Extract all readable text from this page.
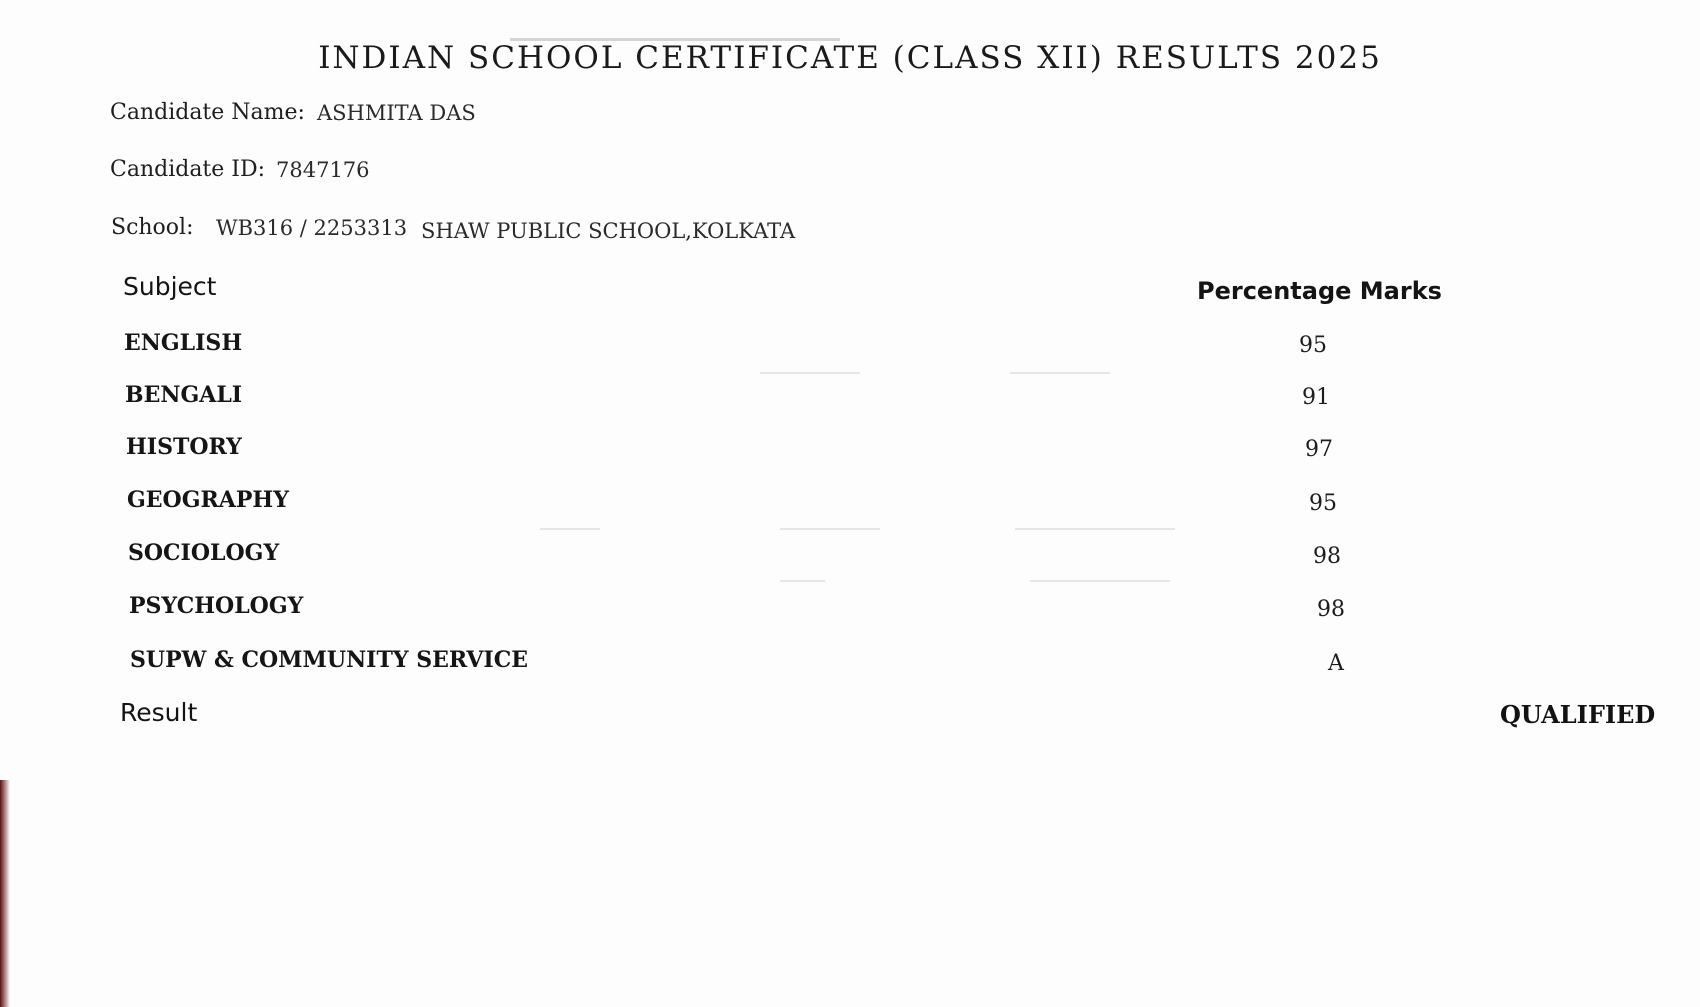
INDIAN SCHOOL CERTIFICATE (CLASS XII) RESULTS 2025
Candidate Name: ASHMITA DAS
Candidate ID: 7847176
School: WB316 / 2253313 SHAW PUBLIC SCHOOL,KOLKATA
Subject	Percentage Marks
ENGLISH	95
BENGALI	91
HISTORY	97
GEOGRAPHY	95
SOCIOLOGY	98
PSYCHOLOGY	98
SUPW & COMMUNITY SERVICE	A
Result	QUALIFIED
